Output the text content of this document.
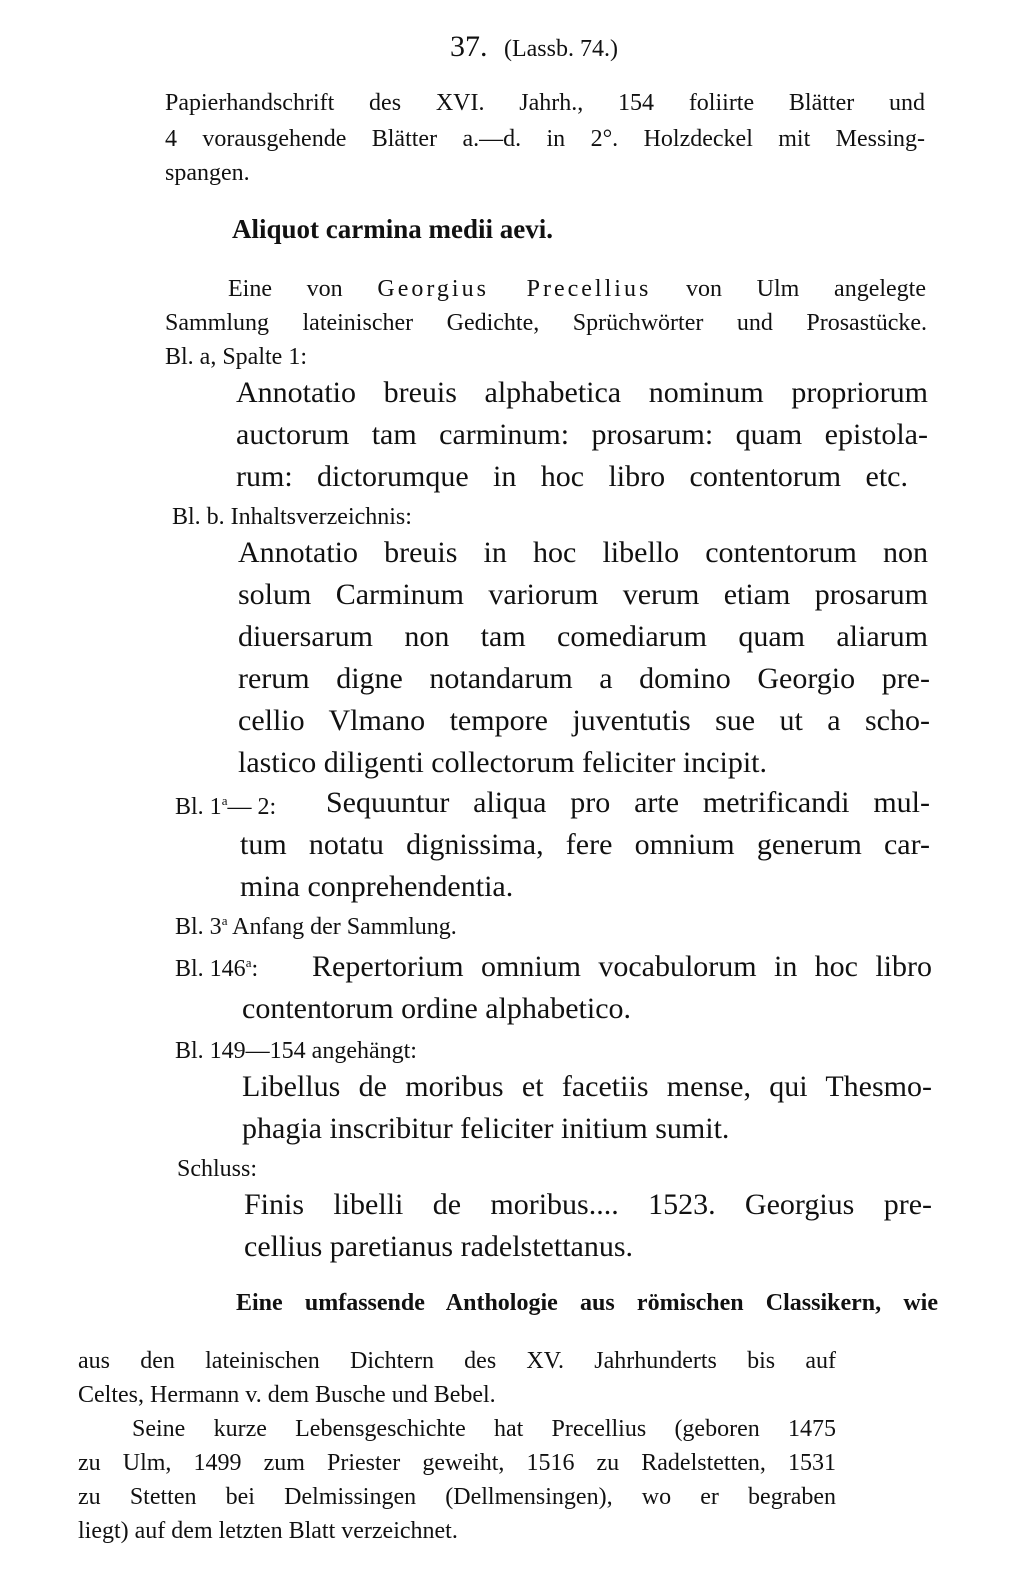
37. (Lassb. 74.)
Papierhandschrift des XVI. Jahrh., 154 foliirte Blätter und
4 vorausgehende Blätter a.—d. in 2°. Holzdeckel mit Messing-
spangen.
Aliquot carmina medii aevi.
Eine von Georgius Precellius von Ulm angelegte
Sammlung lateinischer Gedichte, Sprüchwörter und Prosastücke.
Bl. a, Spalte 1:
Annotatio breuis alphabetica nominum propriorum
auctorum tam carminum: prosarum: quam epistola-
rum: dictorumque in hoc libro contentorum etc.
Bl. b. Inhaltsverzeichnis:
Annotatio breuis in hoc libello contentorum non
solum Carminum variorum verum etiam prosarum
diuersarum non tam comediarum quam aliarum
rerum digne notandarum a domino Georgio pre-
cellio Vlmano tempore juventutis sue ut a scho-
lastico diligenti collectorum feliciter incipit.
Bl. 1$^a$— 2: Sequuntur aliqua pro arte metrificandi mul-
tum notatu dignissima, fere omnium generum car-
mina conprehendentia.
Bl. 3$^a$ Anfang der Sammlung.
Bl. 146$^a$: Repertorium omnium vocabulorum in hoc libro
contentorum ordine alphabetico.
Bl. 149—154 angehängt:
Libellus de moribus et facetiis mense, qui Thesmo-
phagia inscribitur feliciter initium sumit.
Schluss:
Finis libelli de moribus.... 1523. Georgius pre-
cellius paretianus radelstettanus.
Eine umfassende Anthologie aus römischen Classikern, wie
aus den lateinischen Dichtern des XV. Jahrhunderts bis auf
Celtes, Hermann v. dem Busche und Bebel.
Seine kurze Lebensgeschichte hat Precellius (geboren 1475
zu Ulm, 1499 zum Priester geweiht, 1516 zu Radelstetten, 1531
zu Stetten bei Delmissingen (Dellmensingen), wo er begraben
liegt) auf dem letzten Blatt verzeichnet.
